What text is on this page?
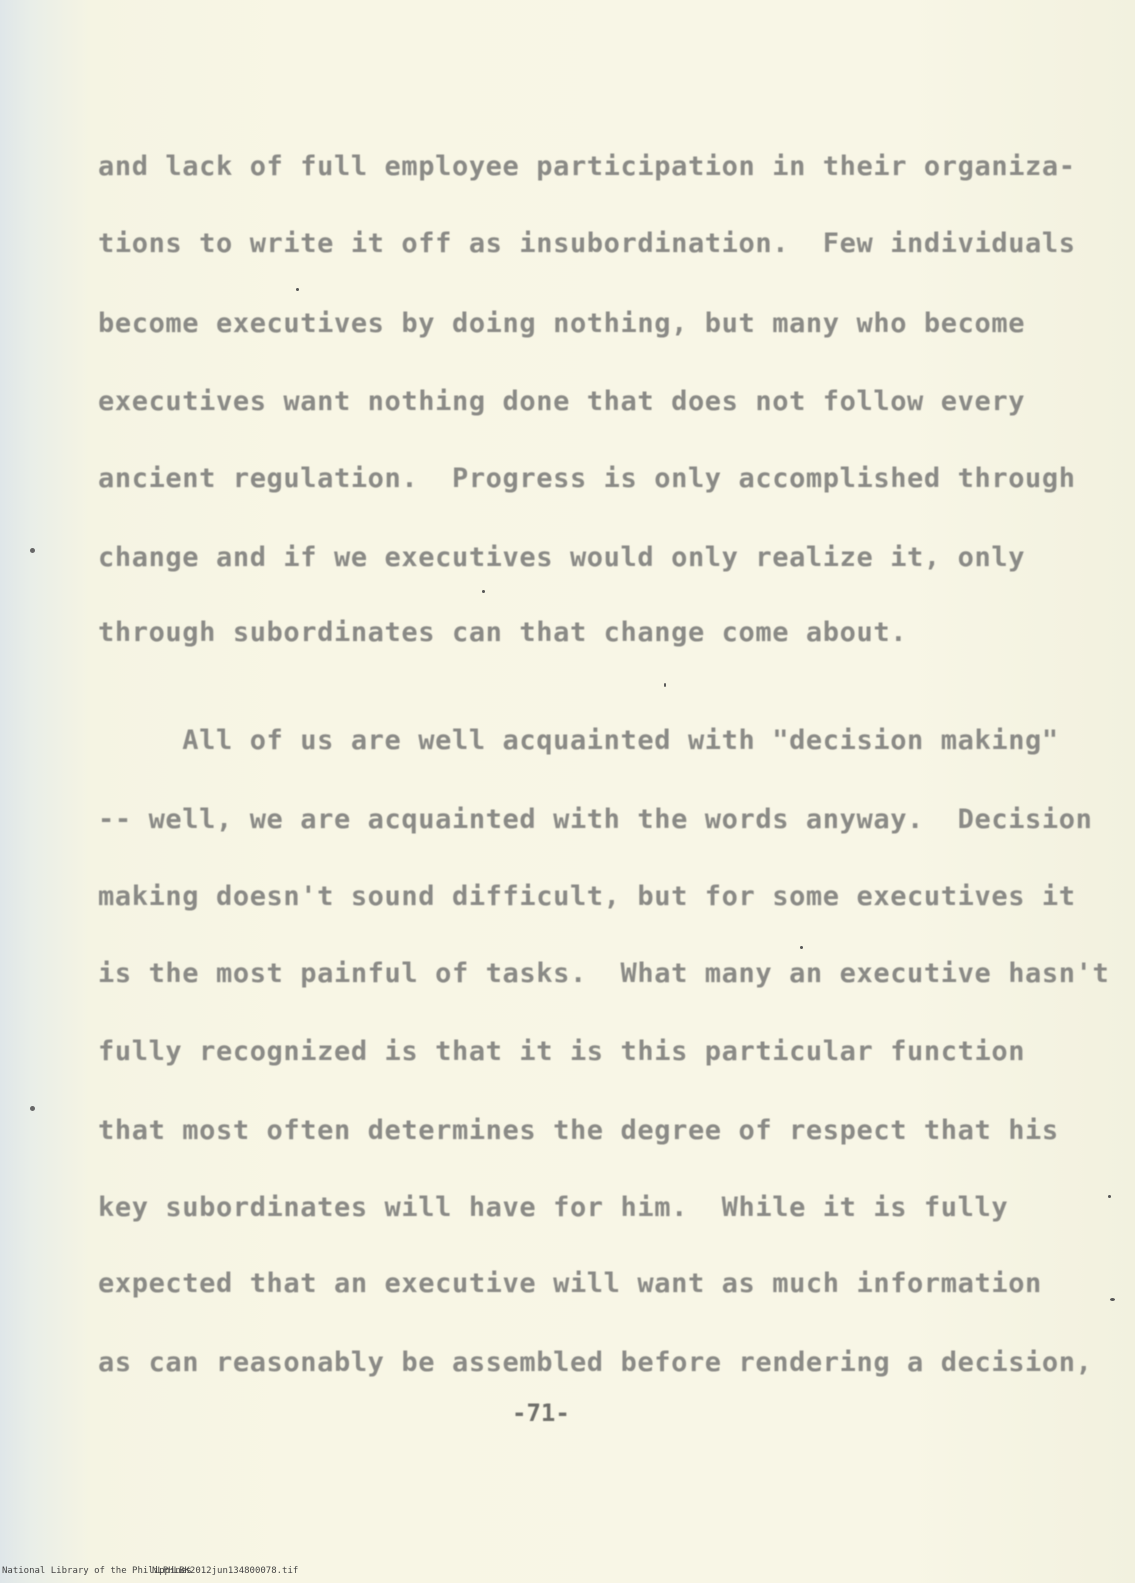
and lack of full employee participation in their organiza-
tions to write it off as insubordination.  Few individuals
become executives by doing nothing, but many who become
executives want nothing done that does not follow every
ancient regulation.  Progress is only accomplished through
change and if we executives would only realize it, only
through subordinates can that change come about.
All of us are well acquainted with "decision making"
-- well, we are acquainted with the words anyway.  Decision
making doesn't sound difficult, but for some executives it
is the most painful of tasks.  What many an executive hasn't
fully recognized is that it is this particular function
that most often determines the degree of respect that his
key subordinates will have for him.  While it is fully
expected that an executive will want as much information
as can reasonably be assembled before rendering a decision,
-71-
National Library of the Philippines
NLPHLBK2012jun134800078.tif
